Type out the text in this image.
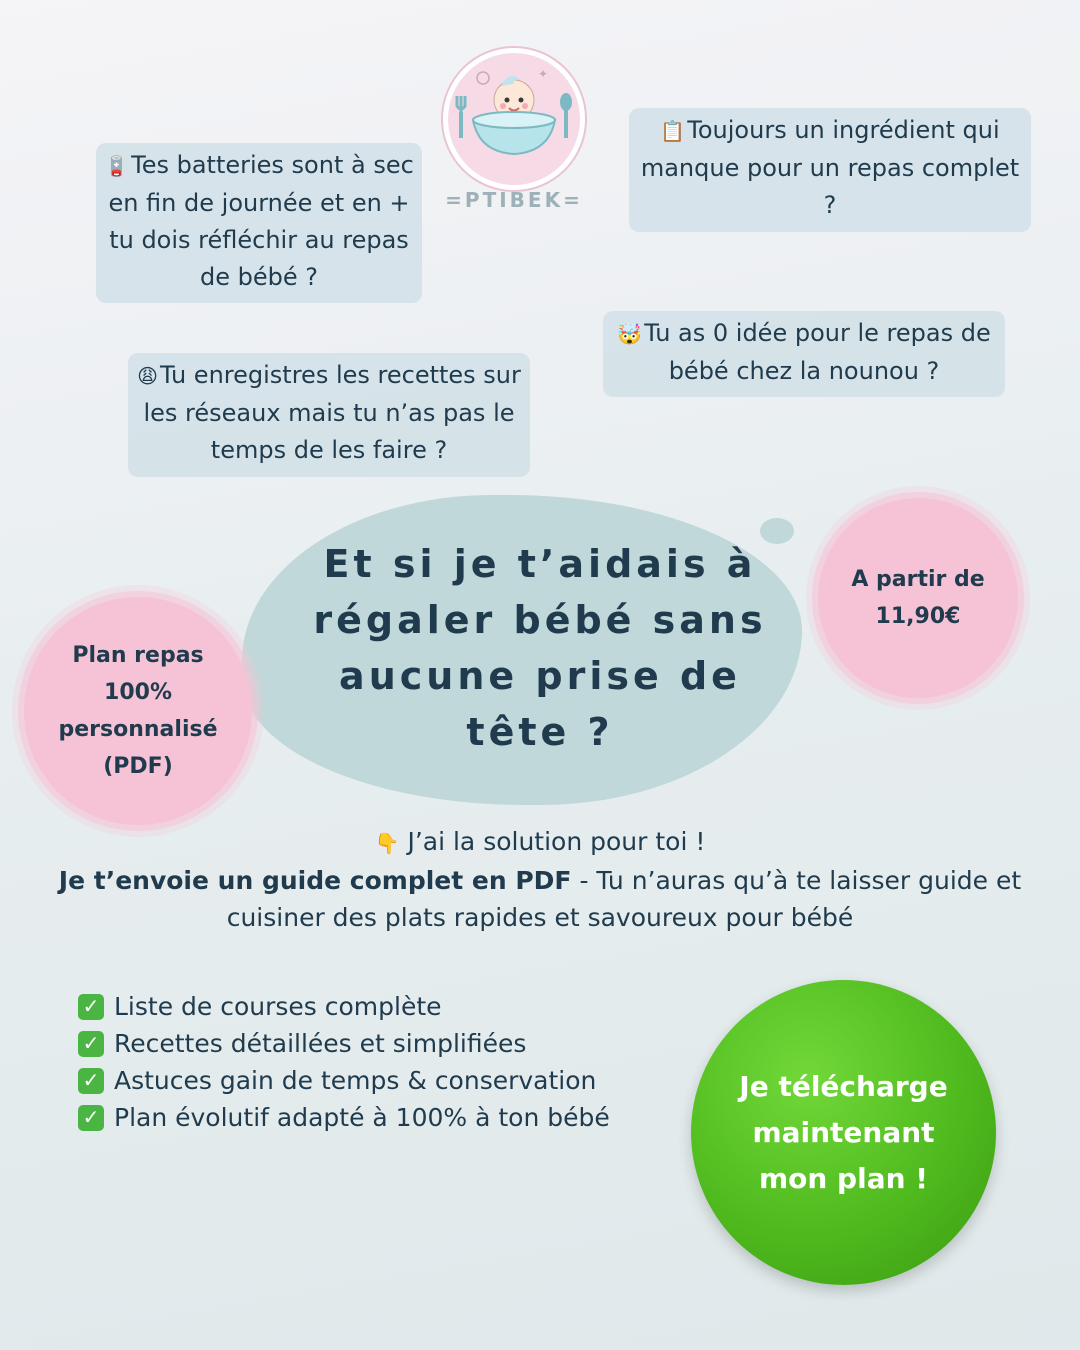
✦
=PTIBEK=
🪫Tes batteries sont à sec en fin de journée et en + tu dois réfléchir au repas de bébé ?
📋Toujours un ingrédient qui manque pour un repas complet ?
🤯Tu as 0 idée pour le repas de bébé chez la nounou ?
😩Tu enregistres les recettes sur les réseaux mais tu n’as pas le temps de les faire ?
Et si je t’aidais à régaler bébé sans aucune prise de tête ?
Plan repas 100% personnalisé (PDF)
A partir de 11,90€
👇 J’ai la solution pour toi !
Je t’envoie un guide complet en PDF - Tu n’auras qu’à te laisser guide et cuisiner des plats rapides et savoureux pour bébé
✓ Liste de courses complète
✓ Recettes détaillées et simplifiées
✓ Astuces gain de temps & conservation
✓ Plan évolutif adapté à 100% à ton bébé
Je télécharge maintenant mon plan !
